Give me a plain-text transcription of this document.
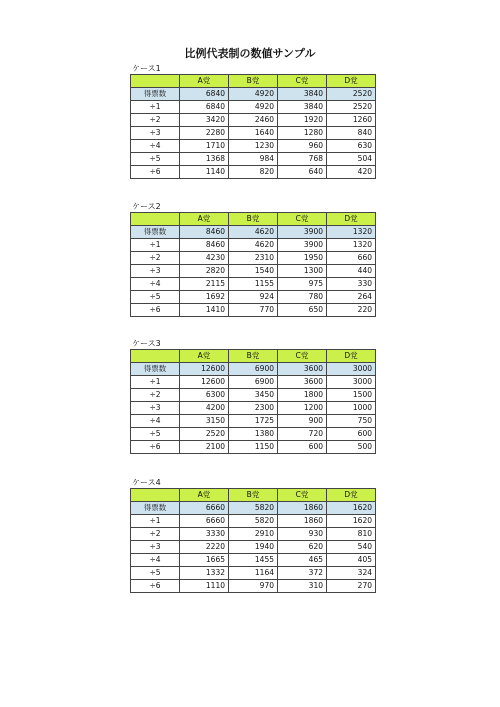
比例代表制の数値サンプル
ケース1
	A党	B党	C党	D党
得票数	6840	4920	3840	2520
÷1	6840	4920	3840	2520
÷2	3420	2460	1920	1260
÷3	2280	1640	1280	840
÷4	1710	1230	960	630
÷5	1368	984	768	504
÷6	1140	820	640	420
ケース2
	A党	B党	C党	D党
得票数	8460	4620	3900	1320
÷1	8460	4620	3900	1320
÷2	4230	2310	1950	660
÷3	2820	1540	1300	440
÷4	2115	1155	975	330
÷5	1692	924	780	264
÷6	1410	770	650	220
ケース3
	A党	B党	C党	D党
得票数	12600	6900	3600	3000
÷1	12600	6900	3600	3000
÷2	6300	3450	1800	1500
÷3	4200	2300	1200	1000
÷4	3150	1725	900	750
÷5	2520	1380	720	600
÷6	2100	1150	600	500
ケース4
	A党	B党	C党	D党
得票数	6660	5820	1860	1620
÷1	6660	5820	1860	1620
÷2	3330	2910	930	810
÷3	2220	1940	620	540
÷4	1665	1455	465	405
÷5	1332	1164	372	324
÷6	1110	970	310	270
